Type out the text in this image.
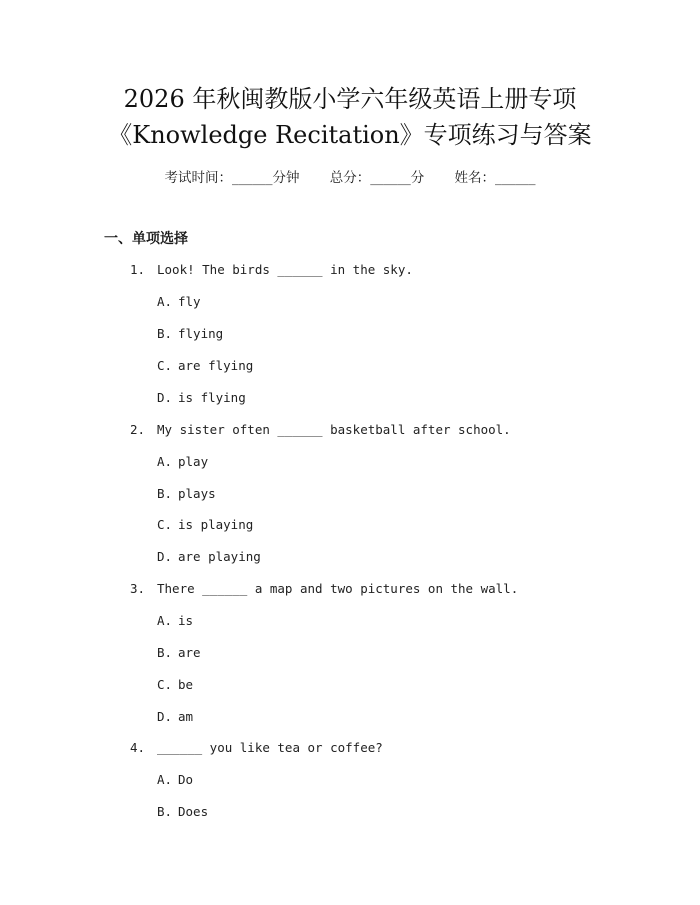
2026 年秋闽教版小学六年级英语上册专项
《Knowledge Recitation》专项练习与答案
考试时间：______分钟 总分：______分 姓名：______
一、单项选择
1. Look! The birds ______ in the sky.
A. fly
B. flying
C. are flying
D. is flying
2. My sister often ______ basketball after school.
A. play
B. plays
C. is playing
D. are playing
3. There ______ a map and two pictures on the wall.
A. is
B. are
C. be
D. am
4. ______ you like tea or coffee?
A. Do
B. Does
